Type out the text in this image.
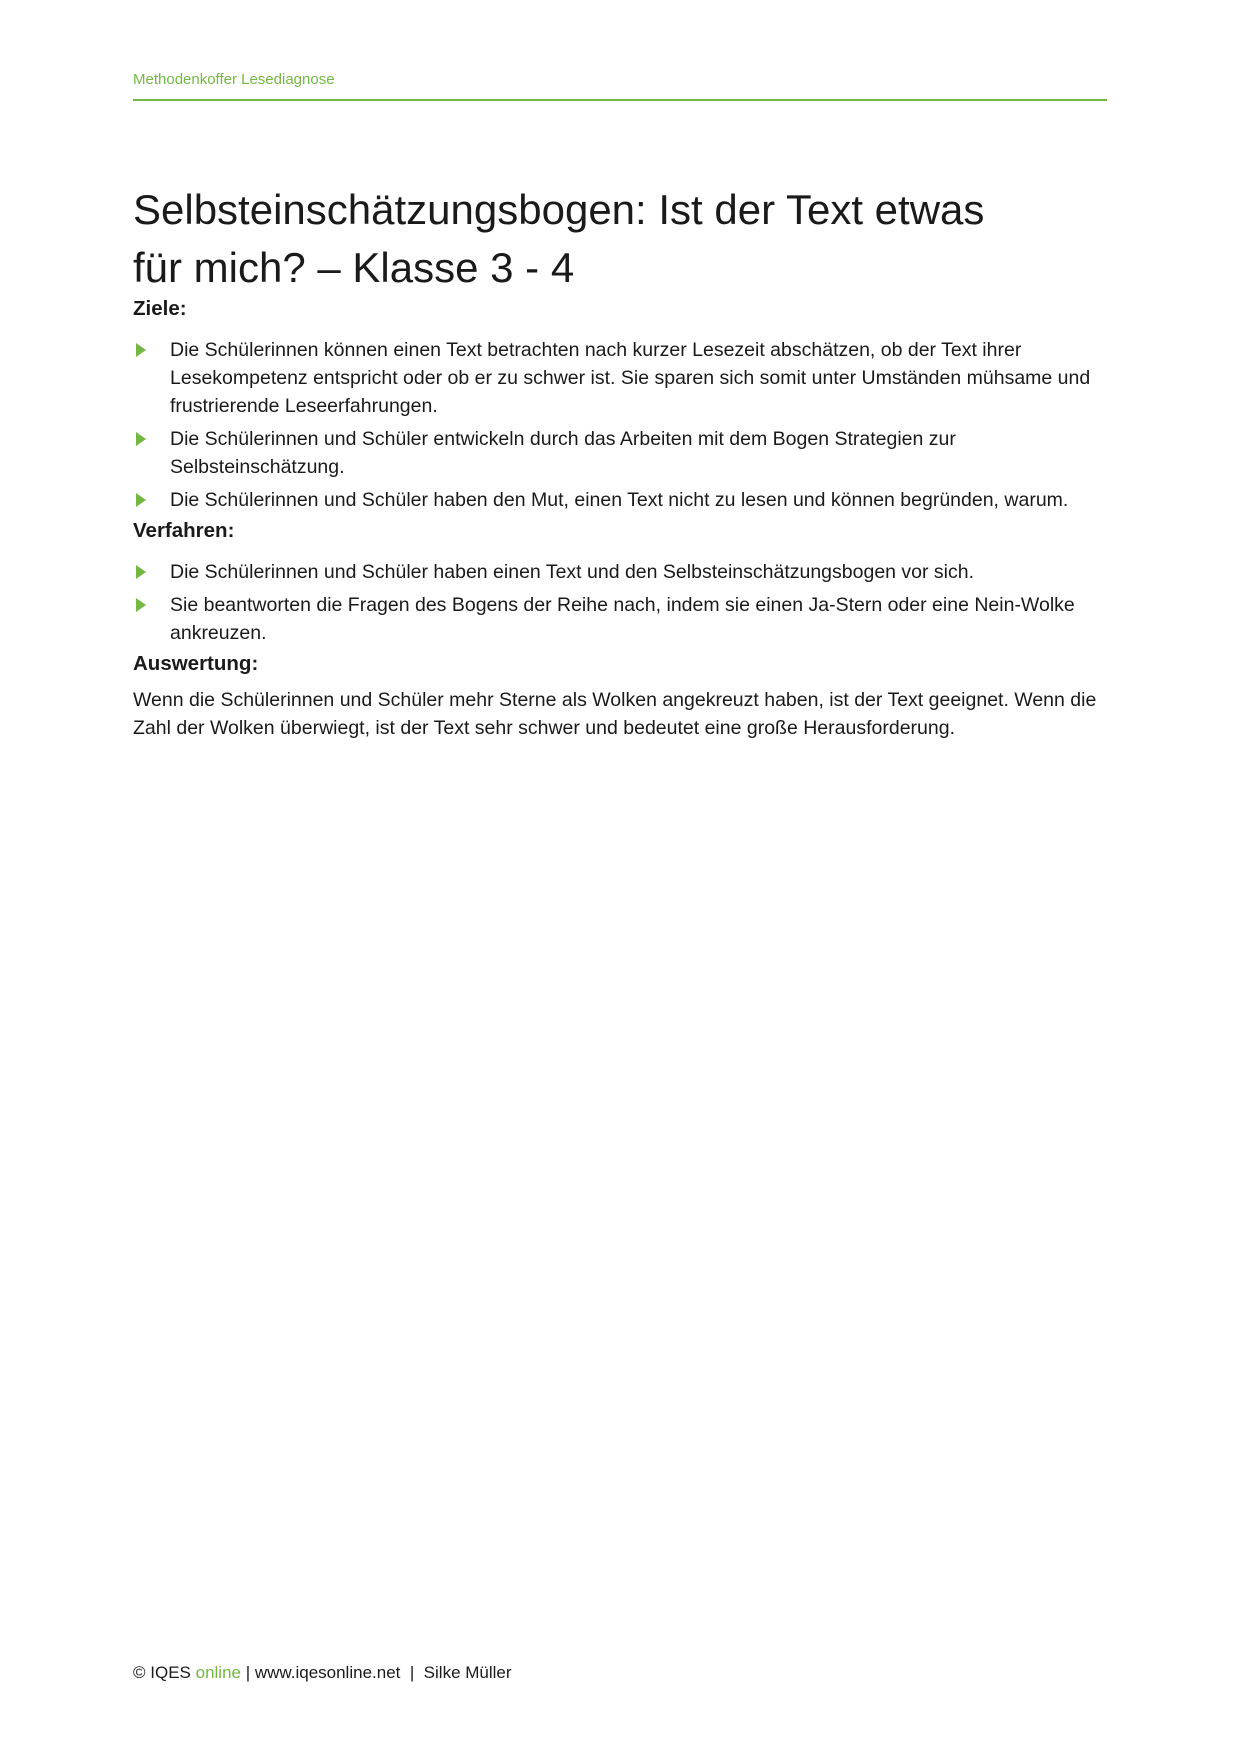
Methodenkoffer Lesediagnose
Selbsteinschätzungsbogen: Ist der Text etwas für mich? – Klasse 3 - 4
Ziele:
Die Schülerinnen können einen Text betrachten nach kurzer Lesezeit abschätzen, ob der Text ihrer Lesekompetenz entspricht oder ob er zu schwer ist. Sie sparen sich somit unter Umständen mühsame und frustrierende Leseerfahrungen.
Die Schülerinnen und Schüler entwickeln durch das Arbeiten mit dem Bogen Strategien zur Selbsteinschätzung.
Die Schülerinnen und Schüler haben den Mut, einen Text nicht zu lesen und können begründen, warum.
Verfahren:
Die Schülerinnen und Schüler haben einen Text und den Selbsteinschätzungsbogen vor sich.
Sie beantworten die Fragen des Bogens der Reihe nach, indem sie einen Ja-Stern oder eine Nein-Wolke ankreuzen.
Auswertung:

Wenn die Schülerinnen und Schüler mehr Sterne als Wolken angekreuzt haben, ist der Text geeignet. Wenn die Zahl der Wolken überwiegt, ist der Text sehr schwer und bedeutet eine große Herausforderung.

© IQES online | www.iqesonline.net  |  Silke Müller
